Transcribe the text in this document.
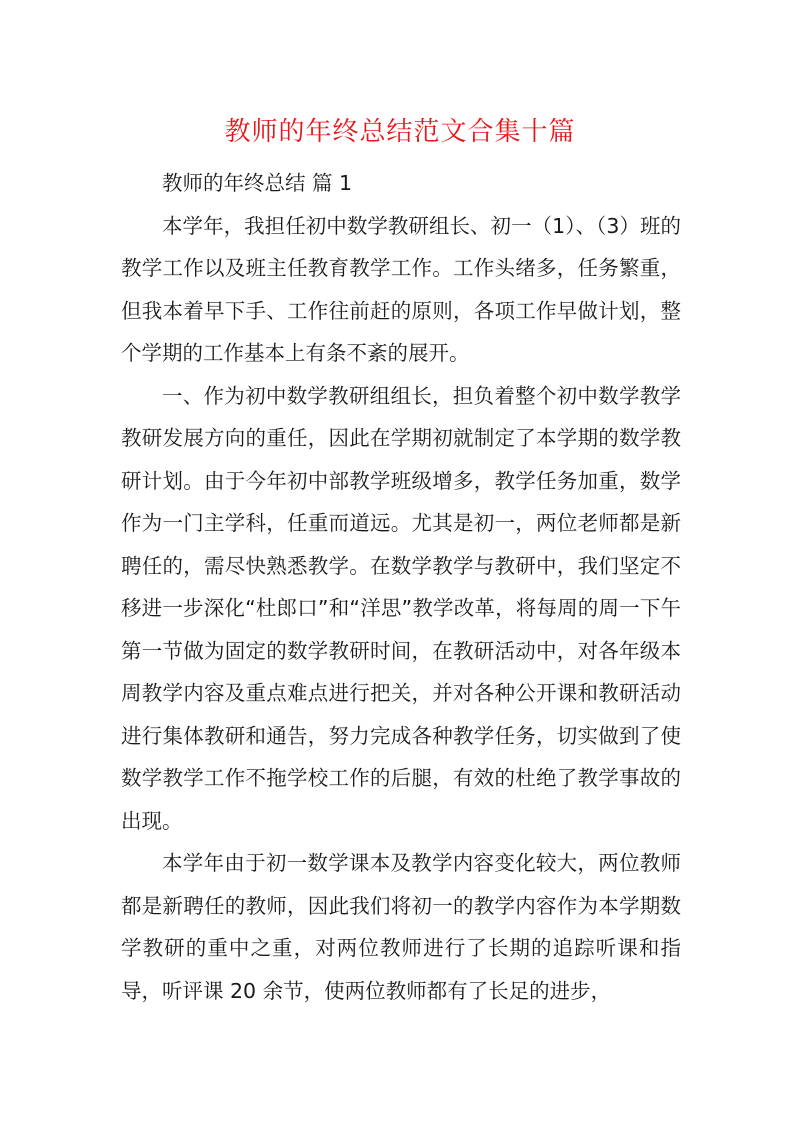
教师的年终总结范文合集十篇

教师的年终总结 篇 1

本学年，我担任初中数学教研组长、初一（1）、（3）班的教学工作以及班主任教育教学工作。工作头绪多，任务繁重，但我本着早下手、工作往前赶的原则，各项工作早做计划，整个学期的工作基本上有条不紊的展开。

一、作为初中数学教研组组长，担负着整个初中数学教学教研发展方向的重任，因此在学期初就制定了本学期的数学教研计划。由于今年初中部教学班级增多，教学任务加重，数学作为一门主学科，任重而道远。尤其是初一，两位老师都是新聘任的，需尽快熟悉教学。在数学教学与教研中，我们坚定不移进一步深化“杜郎口”和“洋思”教学改革，将每周的周一下午第一节做为固定的数学教研时间，在教研活动中，对各年级本周教学内容及重点难点进行把关，并对各种公开课和教研活动进行集体教研和通告，努力完成各种教学任务，切实做到了使数学教学工作不拖学校工作的后腿，有效的杜绝了教学事故的出现。

本学年由于初一数学课本及教学内容变化较大，两位教师都是新聘任的教师，因此我们将初一的教学内容作为本学期数学教研的重中之重，对两位教师进行了长期的追踪听课和指导，听评课 20 余节，使两位教师都有了长足的进步，
